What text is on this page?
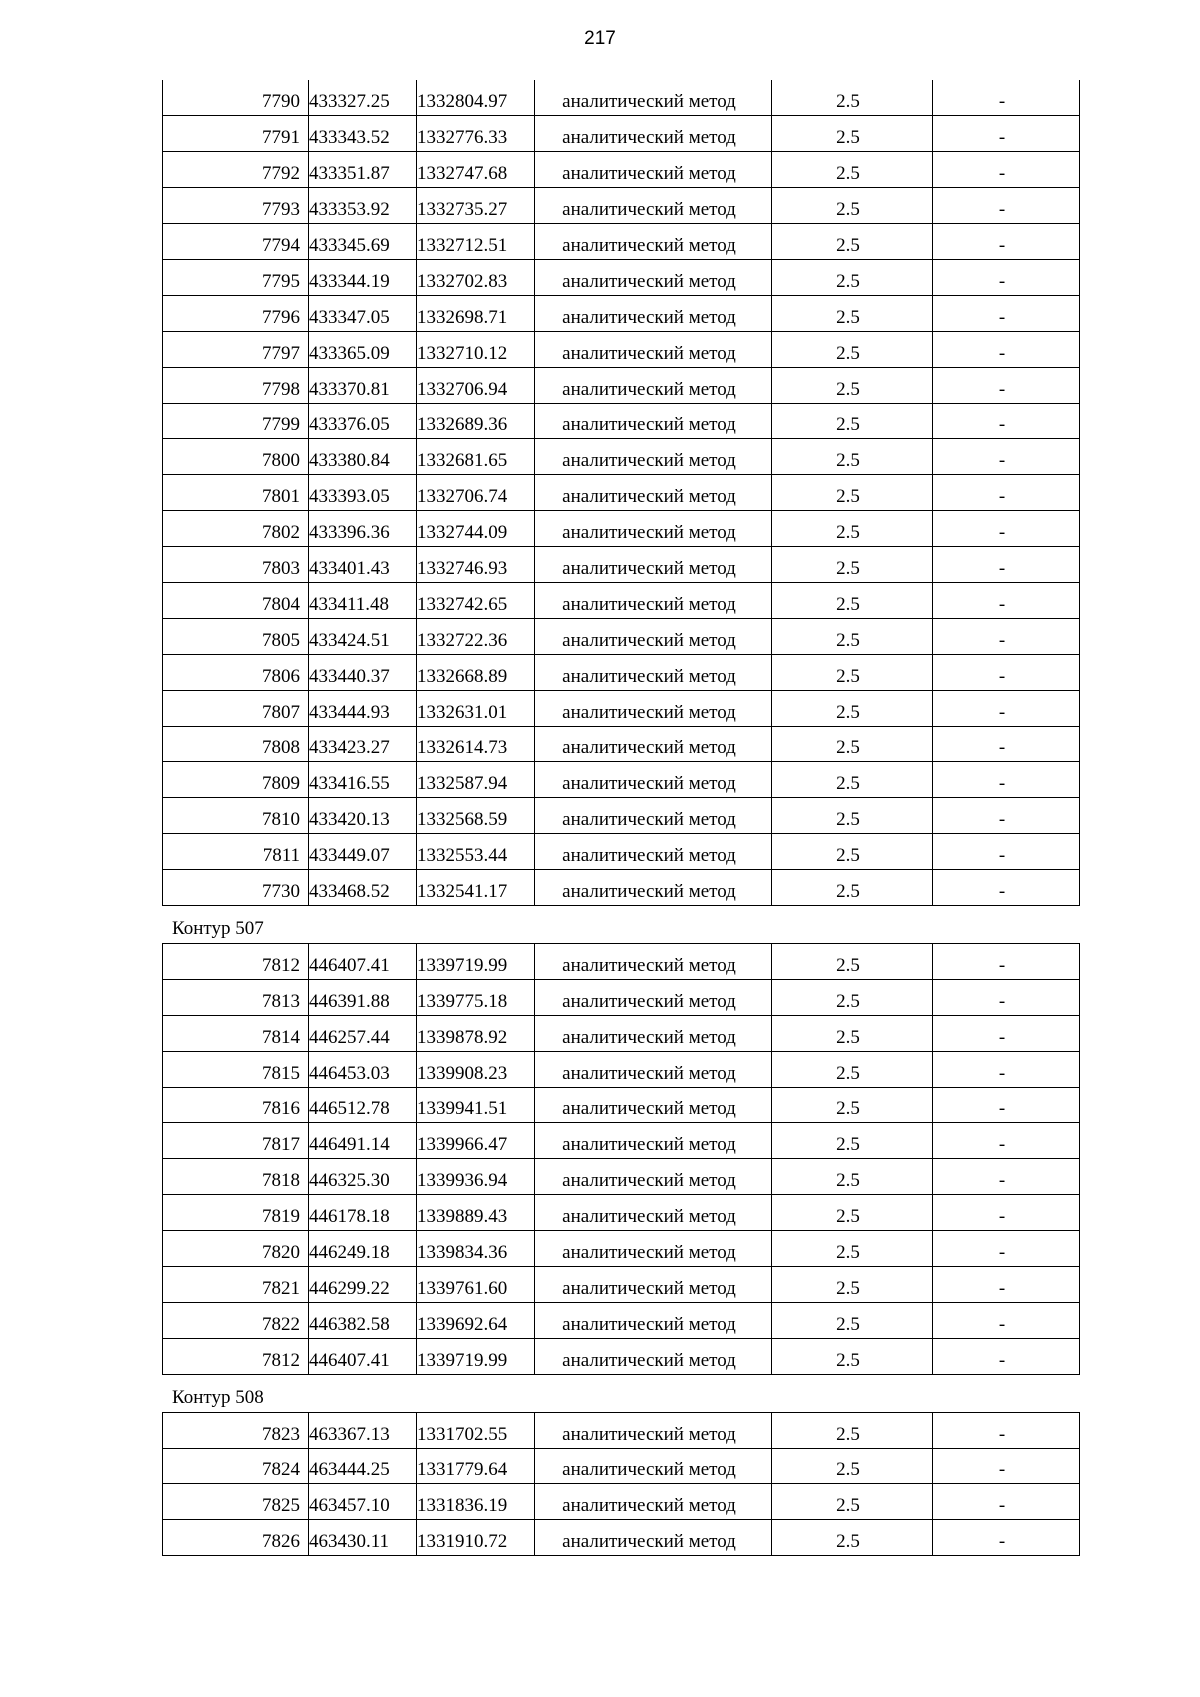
217
7790	433327.25	1332804.97	аналитический метод	2.5	-
7791	433343.52	1332776.33	аналитический метод	2.5	-
7792	433351.87	1332747.68	аналитический метод	2.5	-
7793	433353.92	1332735.27	аналитический метод	2.5	-
7794	433345.69	1332712.51	аналитический метод	2.5	-
7795	433344.19	1332702.83	аналитический метод	2.5	-
7796	433347.05	1332698.71	аналитический метод	2.5	-
7797	433365.09	1332710.12	аналитический метод	2.5	-
7798	433370.81	1332706.94	аналитический метод	2.5	-
7799	433376.05	1332689.36	аналитический метод	2.5	-
7800	433380.84	1332681.65	аналитический метод	2.5	-
7801	433393.05	1332706.74	аналитический метод	2.5	-
7802	433396.36	1332744.09	аналитический метод	2.5	-
7803	433401.43	1332746.93	аналитический метод	2.5	-
7804	433411.48	1332742.65	аналитический метод	2.5	-
7805	433424.51	1332722.36	аналитический метод	2.5	-
7806	433440.37	1332668.89	аналитический метод	2.5	-
7807	433444.93	1332631.01	аналитический метод	2.5	-
7808	433423.27	1332614.73	аналитический метод	2.5	-
7809	433416.55	1332587.94	аналитический метод	2.5	-
7810	433420.13	1332568.59	аналитический метод	2.5	-
7811	433449.07	1332553.44	аналитический метод	2.5	-
7730	433468.52	1332541.17	аналитический метод	2.5	-
Контур 507
7812	446407.41	1339719.99	аналитический метод	2.5	-
7813	446391.88	1339775.18	аналитический метод	2.5	-
7814	446257.44	1339878.92	аналитический метод	2.5	-
7815	446453.03	1339908.23	аналитический метод	2.5	-
7816	446512.78	1339941.51	аналитический метод	2.5	-
7817	446491.14	1339966.47	аналитический метод	2.5	-
7818	446325.30	1339936.94	аналитический метод	2.5	-
7819	446178.18	1339889.43	аналитический метод	2.5	-
7820	446249.18	1339834.36	аналитический метод	2.5	-
7821	446299.22	1339761.60	аналитический метод	2.5	-
7822	446382.58	1339692.64	аналитический метод	2.5	-
7812	446407.41	1339719.99	аналитический метод	2.5	-
Контур 508
7823	463367.13	1331702.55	аналитический метод	2.5	-
7824	463444.25	1331779.64	аналитический метод	2.5	-
7825	463457.10	1331836.19	аналитический метод	2.5	-
7826	463430.11	1331910.72	аналитический метод	2.5	-
